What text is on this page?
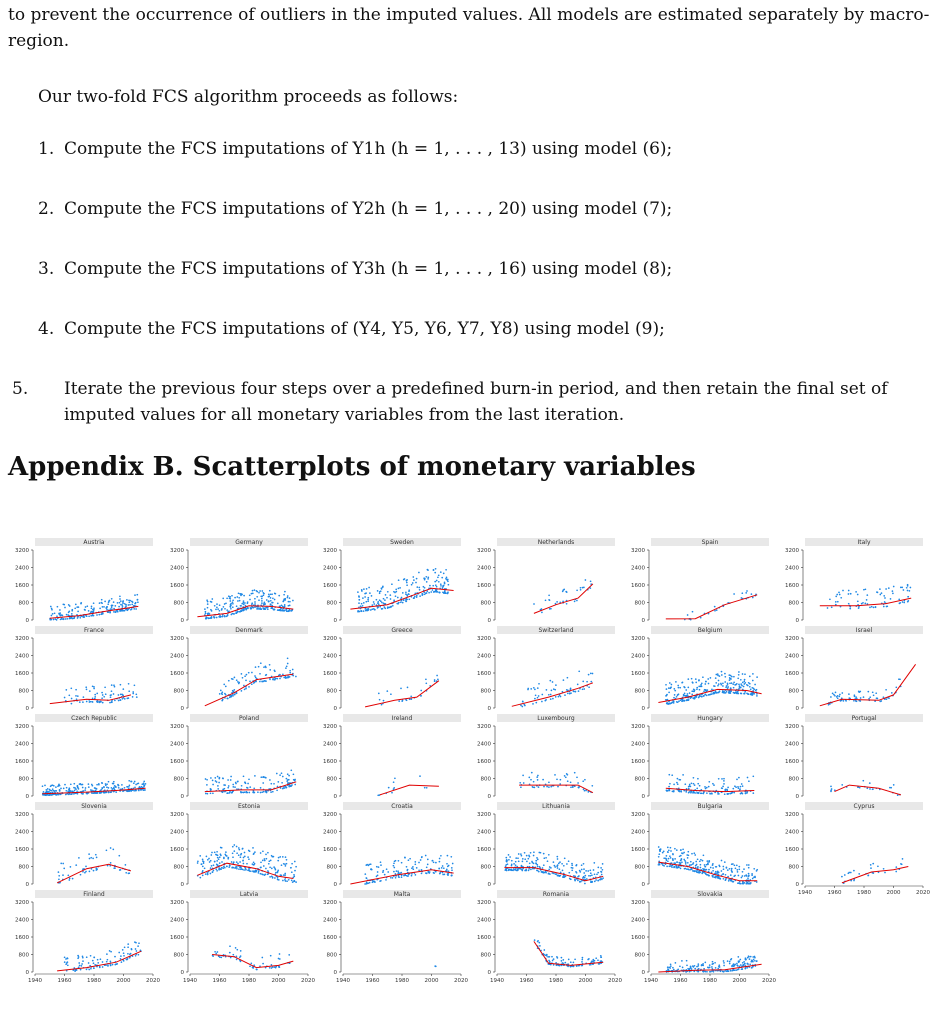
to prevent the occurrence of outliers in the imputed values. All models are estimated separately by macro-region.
Our two-fold FCS algorithm proceeds as follows:
1. Compute the FCS imputations of Y1h (h = 1, . . . , 13) using model (6);
2. Compute the FCS imputations of Y2h (h = 1, . . . , 20) using model (7);
3. Compute the FCS imputations of Y3h (h = 1, . . . , 16) using model (8);
4. Compute the FCS imputations of (Y4, Y5, Y6, Y7, Y8) using model (9);
5. Iterate the previous four steps over a predefined burn-in period, and then retain the final set of imputed values for all monetary variables from the last iteration.
Appendix B. Scatterplots of monetary variables
Austria
0
800
1600
2400
3200
Germany
0
800
1600
2400
3200
Sweden
0
800
1600
2400
3200
Netherlands
0
800
1600
2400
3200
Spain
0
800
1600
2400
3200
Italy
0
800
1600
2400
3200
France
0
800
1600
2400
3200
Denmark
0
800
1600
2400
3200
Greece
0
800
1600
2400
3200
Switzerland
0
800
1600
2400
3200
Belgium
0
800
1600
2400
3200
Israel
0
800
1600
2400
3200
Czech Republic
0
800
1600
2400
3200
Poland
0
800
1600
2400
3200
Ireland
0
800
1600
2400
3200
Luxembourg
0
800
1600
2400
3200
Hungary
0
800
1600
2400
3200
Portugal
0
800
1600
2400
3200
Slovenia
0
800
1600
2400
3200
Estonia
0
800
1600
2400
3200
Croatia
0
800
1600
2400
3200
Lithuania
0
800
1600
2400
3200
Bulgaria
0
800
1600
2400
3200
Cyprus
0
800
1600
2400
3200
1940	1960	1980	2000	2020
Finland
0
800
1600
2400
3200
1940	1960	1980	2000	2020
Latvia
0
800
1600
2400
3200
1940	1960	1980	2000	2020
Malta
0
800
1600
2400
3200
1940	1960	1980	2000	2020
Romania
0
800
1600
2400
3200
1940	1960	1980	2000	2020
Slovakia
0
800
1600
2400
3200
1940	1960	1980	2000	2020
